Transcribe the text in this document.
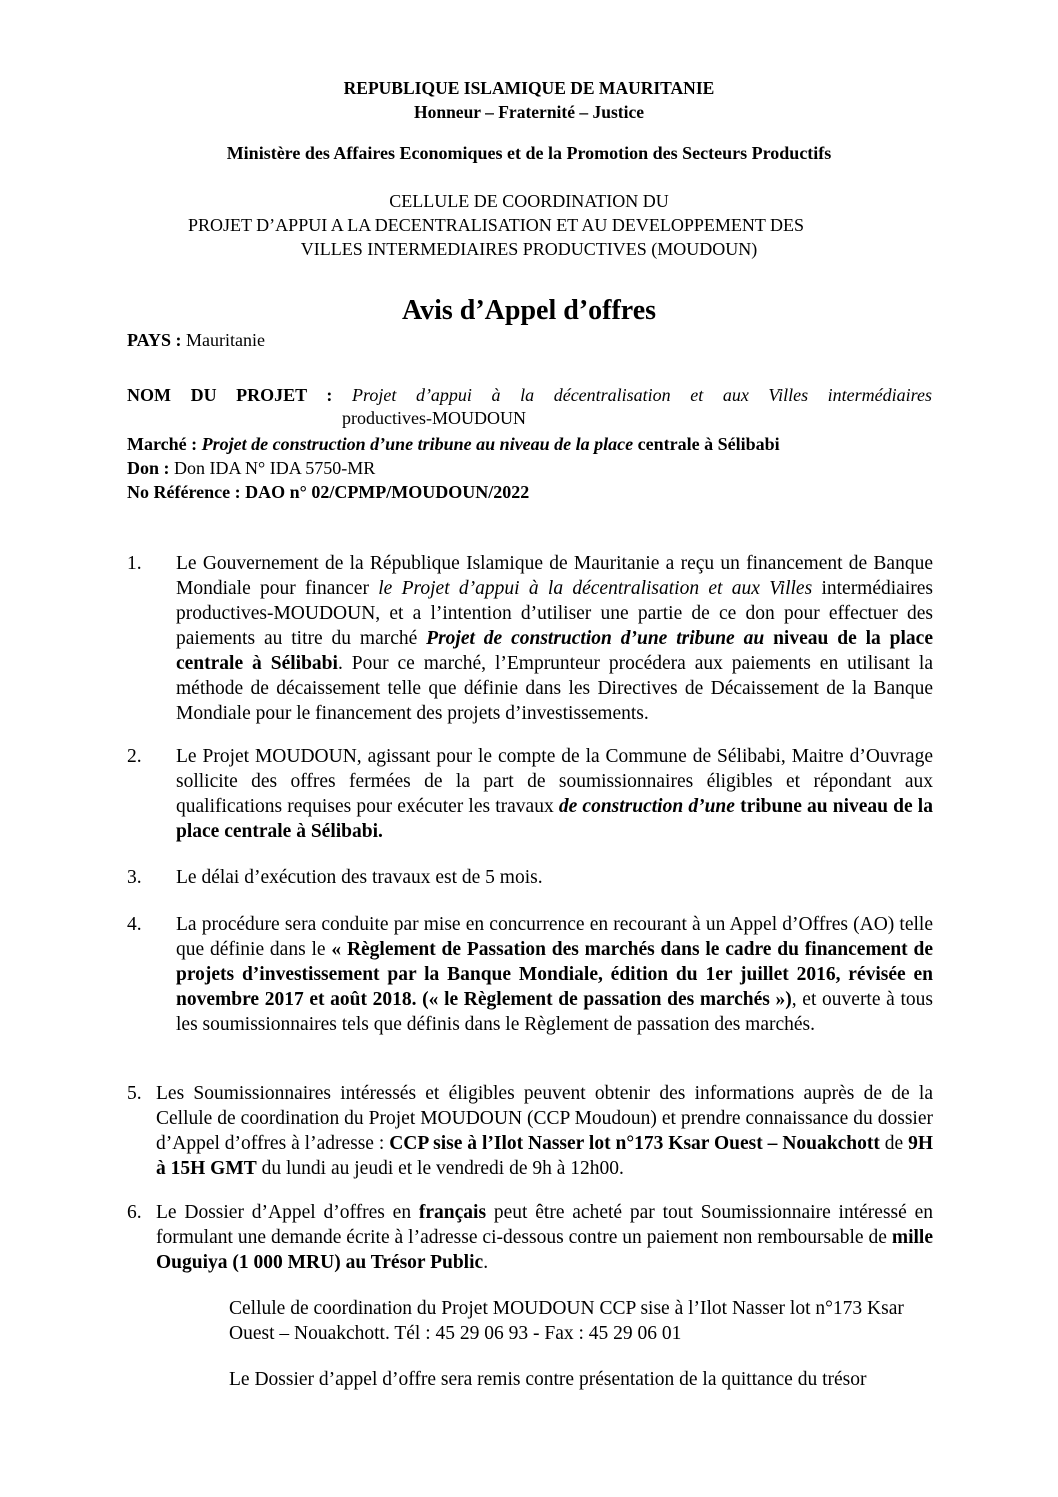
REPUBLIQUE ISLAMIQUE DE MAURITANIE
Honneur – Fraternité – Justice
Ministère des Affaires Economiques et de la Promotion des Secteurs Productifs
CELLULE DE COORDINATION DU
PROJET D’APPUI A LA DECENTRALISATION ET AU DEVELOPPEMENT DES
VILLES INTERMEDIAIRES PRODUCTIVES (MOUDOUN)
Avis d’Appel d’offres
PAYS : Mauritanie
NOM DU PROJET : Projet d’appui à la décentralisation et aux Villes intermédiaires
productives-MOUDOUN
Marché : Projet de construction d’une tribune au niveau de la place centrale à Sélibabi
Don : Don IDA N° IDA 5750-MR
No Référence : DAO n° 02/CPMP/MOUDOUN/2022
1. Le Gouvernement de la République Islamique de Mauritanie a reçu un financement de Banque Mondiale pour financer le Projet d’appui à la décentralisation et aux Villes intermédiaires productives-MOUDOUN, et a l’intention d’utiliser une partie de ce don pour effectuer des paiements au titre du marché Projet de construction d’une tribune au niveau de la place centrale à Sélibabi. Pour ce marché, l’Emprunteur procédera aux paiements en utilisant la méthode de décaissement telle que définie dans les Directives de Décaissement de la Banque Mondiale pour le financement des projets d’investissements.
2. Le Projet MOUDOUN, agissant pour le compte de la Commune de Sélibabi, Maitre d’Ouvrage sollicite des offres fermées de la part de soumissionnaires éligibles et répondant aux qualifications requises pour exécuter les travaux de construction d’une tribune au niveau de la place centrale à Sélibabi.
3. Le délai d’exécution des travaux est de 5 mois.
4. La procédure sera conduite par mise en concurrence en recourant à un Appel d’Offres (AO) telle que définie dans le « Règlement de Passation des marchés dans le cadre du financement de projets d’investissement par la Banque Mondiale, édition du 1er juillet 2016, révisée en novembre 2017 et août 2018. (« le Règlement de passation des marchés »), et ouverte à tous les soumissionnaires tels que définis dans le Règlement de passation des marchés.
5. Les Soumissionnaires intéressés et éligibles peuvent obtenir des informations auprès de de la Cellule de coordination du Projet MOUDOUN (CCP Moudoun) et prendre connaissance du dossier d’Appel d’offres à l’adresse : CCP sise à l’Ilot Nasser lot n°173 Ksar Ouest – Nouakchott de 9H à 15H GMT du lundi au jeudi et le vendredi de 9h à 12h00.
6. Le Dossier d’Appel d’offres en français peut être acheté par tout Soumissionnaire intéressé en formulant une demande écrite à l’adresse ci-dessous contre un paiement non remboursable de mille Ouguiya (1 000 MRU) au Trésor Public.
Cellule de coordination du Projet MOUDOUN CCP sise à l’Ilot Nasser lot n°173 Ksar Ouest – Nouakchott. Tél : 45 29 06 93 - Fax : 45 29 06 01
Le Dossier d’appel d’offre sera remis contre présentation de la quittance du trésor
